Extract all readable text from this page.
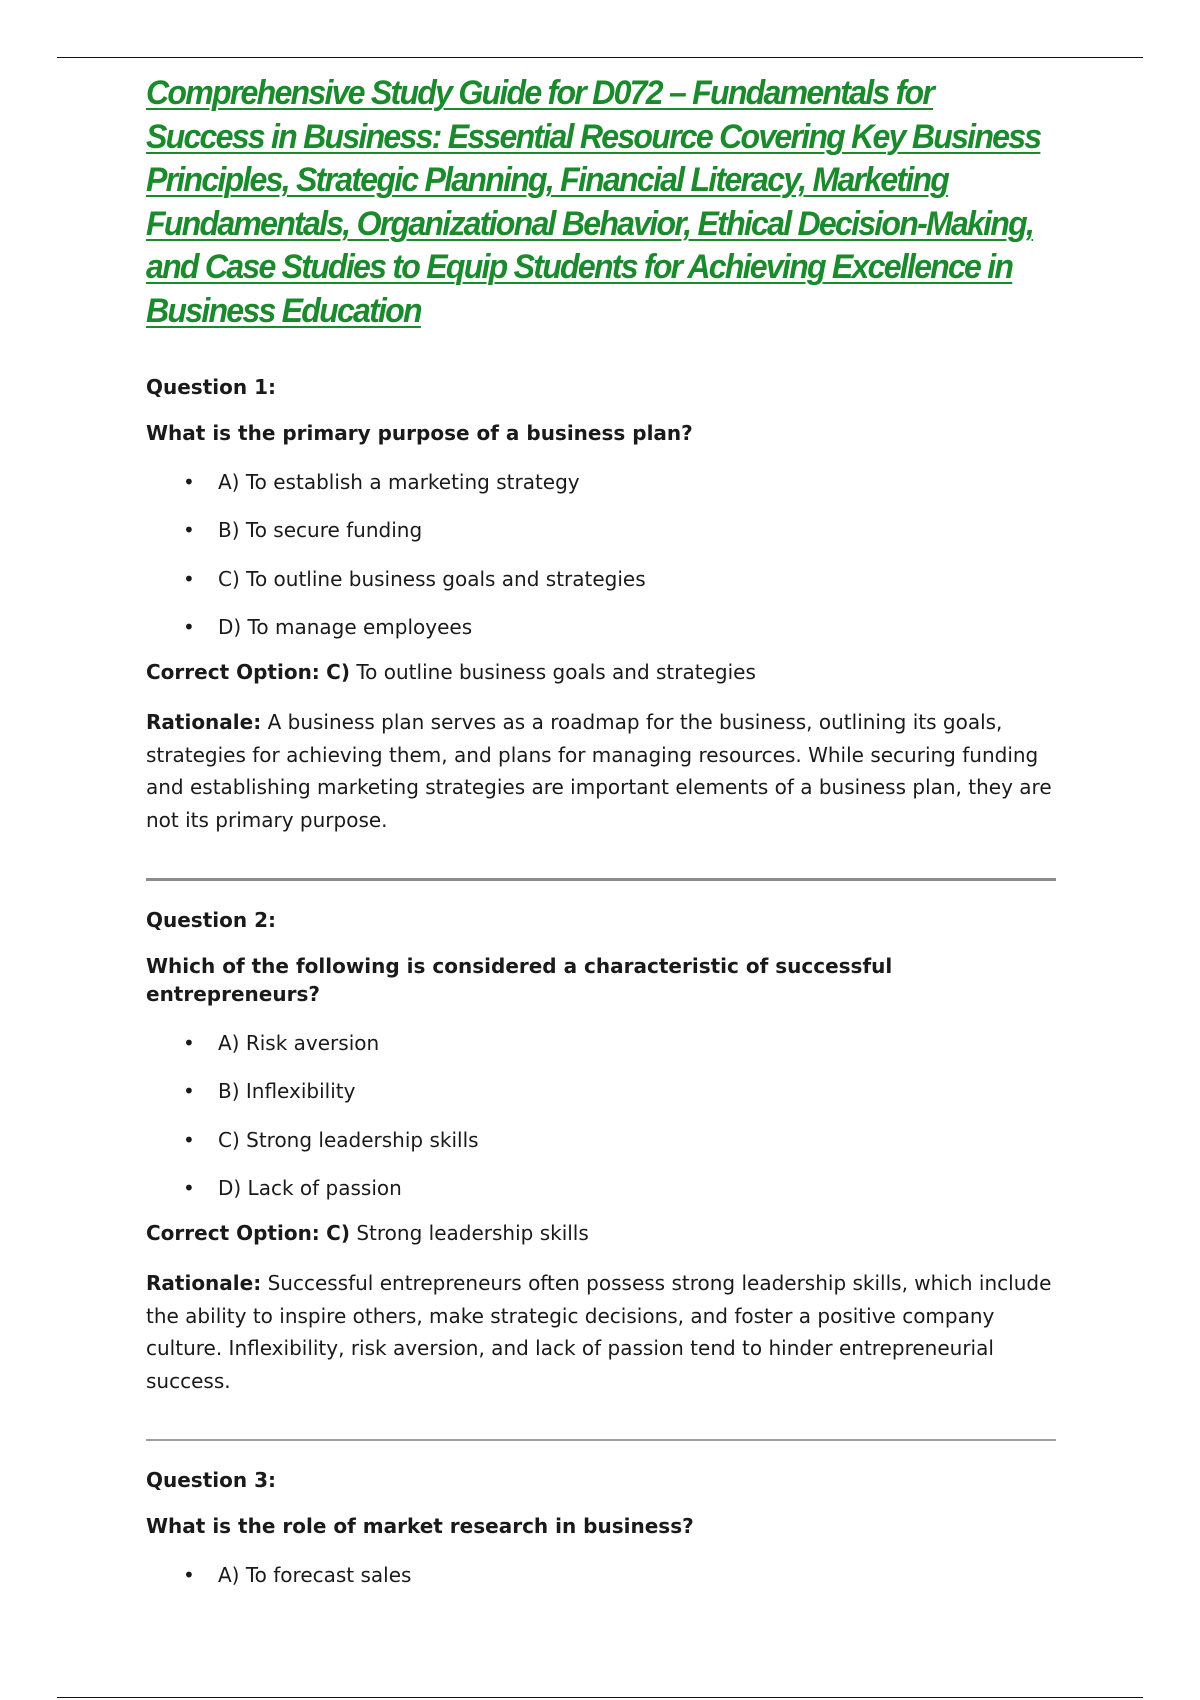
Comprehensive Study Guide for D072 – Fundamentals for Success in Business: Essential Resource Covering Key Business Principles, Strategic Planning, Financial Literacy, Marketing Fundamentals, Organizational Behavior, Ethical Decision-Making, and Case Studies to Equip Students for Achieving Excellence in Business Education

Question 1:

What is the primary purpose of a business plan?

• A) To establish a marketing strategy
• B) To secure funding
• C) To outline business goals and strategies
• D) To manage employees

Correct Option: C) To outline business goals and strategies

Rationale: A business plan serves as a roadmap for the business, outlining its goals, strategies for achieving them, and plans for managing resources. While securing funding and establishing marketing strategies are important elements of a business plan, they are not its primary purpose.

Question 2:

Which of the following is considered a characteristic of successful entrepreneurs?

• A) Risk aversion
• B) Inflexibility
• C) Strong leadership skills
• D) Lack of passion

Correct Option: C) Strong leadership skills

Rationale: Successful entrepreneurs often possess strong leadership skills, which include the ability to inspire others, make strategic decisions, and foster a positive company culture. Inflexibility, risk aversion, and lack of passion tend to hinder entrepreneurial success.

Question 3:

What is the role of market research in business?

• A) To forecast sales
